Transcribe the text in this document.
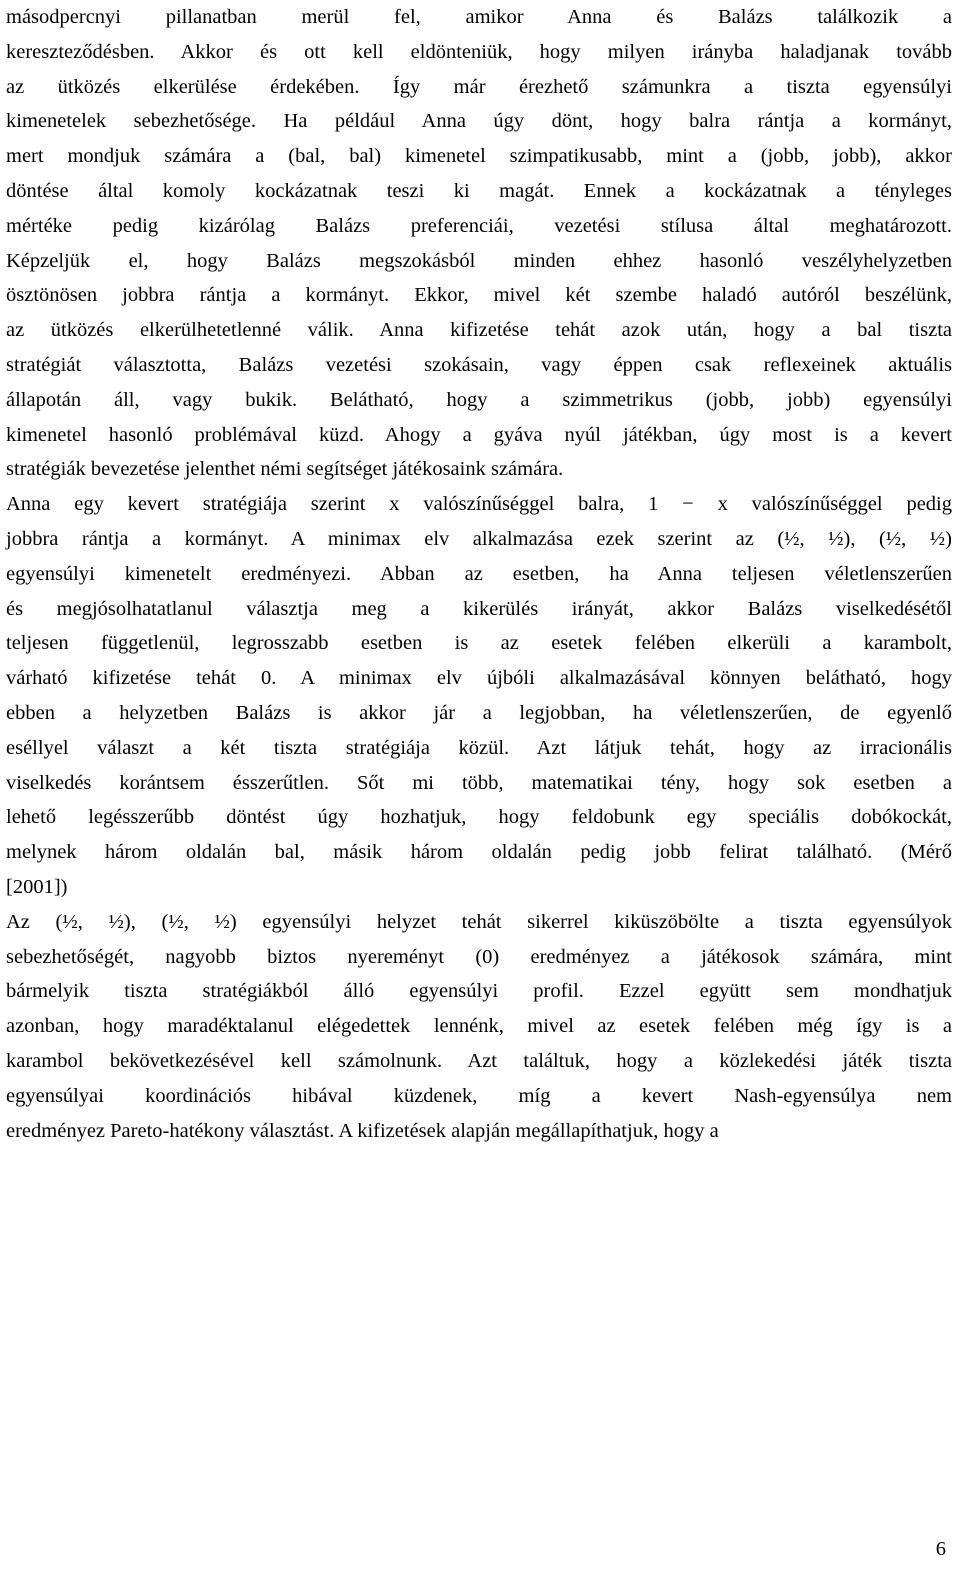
másodpercnyi pillanatban merül fel, amikor Anna és Balázs találkozik a
kereszteződésben. Akkor és ott kell eldönteniük, hogy milyen irányba haladjanak tovább
az ütközés elkerülése érdekében. Így már érezhető számunkra a tiszta egyensúlyi
kimenetelek sebezhetősége. Ha például Anna úgy dönt, hogy balra rántja a kormányt,
mert mondjuk számára a (bal, bal) kimenetel szimpatikusabb, mint a (jobb, jobb), akkor
döntése által komoly kockázatnak teszi ki magát. Ennek a kockázatnak a tényleges
mértéke pedig kizárólag Balázs preferenciái, vezetési stílusa által meghatározott.
Képzeljük el, hogy Balázs megszokásból minden ehhez hasonló veszélyhelyzetben
ösztönösen jobbra rántja a kormányt. Ekkor, mivel két szembe haladó autóról beszélünk,
az ütközés elkerülhetetlenné válik. Anna kifizetése tehát azok után, hogy a bal tiszta
stratégiát választotta, Balázs vezetési szokásain, vagy éppen csak reflexeinek aktuális
állapotán áll, vagy bukik. Belátható, hogy a szimmetrikus (jobb, jobb) egyensúlyi
kimenetel hasonló problémával küzd. Ahogy a gyáva nyúl játékban, úgy most is a kevert
stratégiák bevezetése jelenthet némi segítséget játékosaink számára.
Anna egy kevert stratégiája szerint x valószínűséggel balra, 1 − x valószínűséggel pedig
jobbra rántja a kormányt. A minimax elv alkalmazása ezek szerint az (½, ½), (½, ½)
egyensúlyi kimenetelt eredményezi. Abban az esetben, ha Anna teljesen véletlenszerűen
és megjósolhatatlanul választja meg a kikerülés irányát, akkor Balázs viselkedésétől
teljesen függetlenül, legrosszabb esetben is az esetek felében elkerüli a karambolt,
várható kifizetése tehát 0. A minimax elv újbóli alkalmazásával könnyen belátható, hogy
ebben a helyzetben Balázs is akkor jár a legjobban, ha véletlenszerűen, de egyenlő
eséllyel választ a két tiszta stratégiája közül. Azt látjuk tehát, hogy az irracionális
viselkedés korántsem ésszerűtlen. Sőt mi több, matematikai tény, hogy sok esetben a
lehető legésszerűbb döntést úgy hozhatjuk, hogy feldobunk egy speciális dobókockát,
melynek három oldalán bal, másik három oldalán pedig jobb felirat található. (Mérő
[2001])
Az (½, ½), (½, ½) egyensúlyi helyzet tehát sikerrel kiküszöbölte a tiszta egyensúlyok
sebezhetőségét, nagyobb biztos nyereményt (0) eredményez a játékosok számára, mint
bármelyik tiszta stratégiákból álló egyensúlyi profil. Ezzel együtt sem mondhatjuk
azonban, hogy maradéktalanul elégedettek lennénk, mivel az esetek felében még így is a
karambol bekövetkezésével kell számolnunk. Azt találtuk, hogy a közlekedési játék tiszta
egyensúlyai koordinációs hibával küzdenek, míg a kevert Nash-egyensúlya nem
eredményez Pareto-hatékony választást. A kifizetések alapján megállapíthatjuk, hogy a
6
